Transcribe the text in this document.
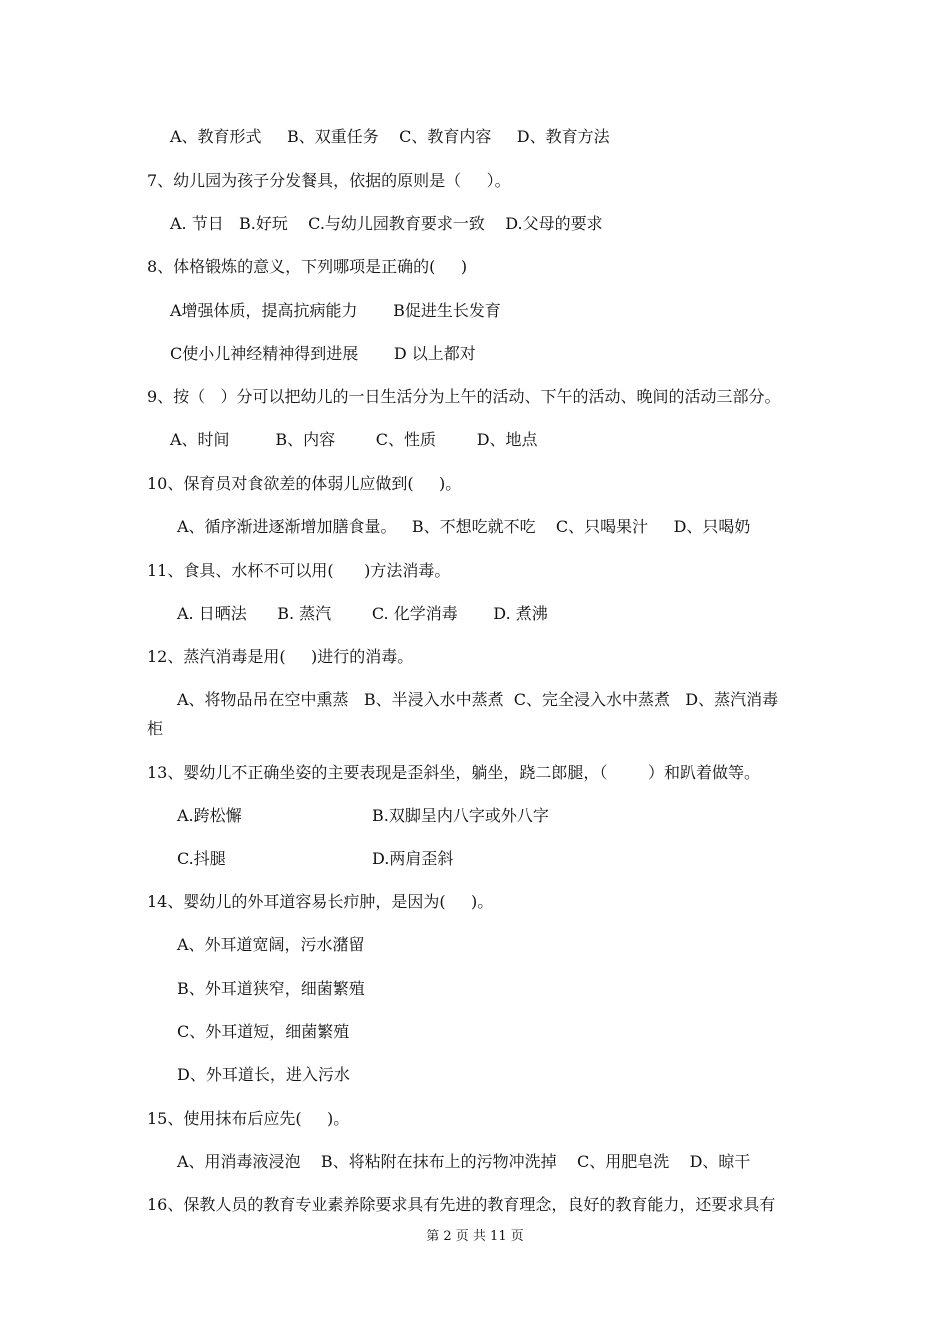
A、教育形式     B、双重任务    C、教育内容     D、教育方法
7、幼儿园为孩子分发餐具，依据的原则是（     ）。
A. 节日   B.好玩    C.与幼儿园教育要求一致    D.父母的要求
8、体格锻炼的意义，下列哪项是正确的(     )
A增强体质，提高抗病能力       B促进生长发育
C使小儿神经精神得到进展       D 以上都对
9、按（   ）分可以把幼儿的一日生活分为上午的活动、下午的活动、晚间的活动三部分。
A、时间         B、内容        C、性质        D、地点
10、保育员对食欲差的体弱儿应做到(     )。
A、循序渐进逐渐增加膳食量。   B、不想吃就不吃    C、只喝果汁     D、只喝奶
11、食具、水杯不可以用(      )方法消毒。
A. 日晒法      B. 蒸汽        C. 化学消毒       D. 煮沸
12、蒸汽消毒是用(     )进行的消毒。
A、将物品吊在空中熏蒸   B、半浸入水中蒸煮  C、完全浸入水中蒸煮   D、蒸汽消毒
柜
13、婴幼儿不正确坐姿的主要表现是歪斜坐，躺坐，跷二郎腿，（        ）和趴着做等。
A.跨松懈	B.双脚呈内八字或外八字
C.抖腿	D.两肩歪斜
14、婴幼儿的外耳道容易长疖肿，是因为(     )。
A、外耳道宽阔，污水潴留
B、外耳道狭窄，细菌繁殖
C、外耳道短，细菌繁殖
D、外耳道长，进入污水
15、使用抹布后应先(     )。
A、用消毒液浸泡    B、将粘附在抹布上的污物冲洗掉    C、用肥皂洗    D、晾干
16、保教人员的教育专业素养除要求具有先进的教育理念，良好的教育能力，还要求具有
第 2 页 共 11 页
